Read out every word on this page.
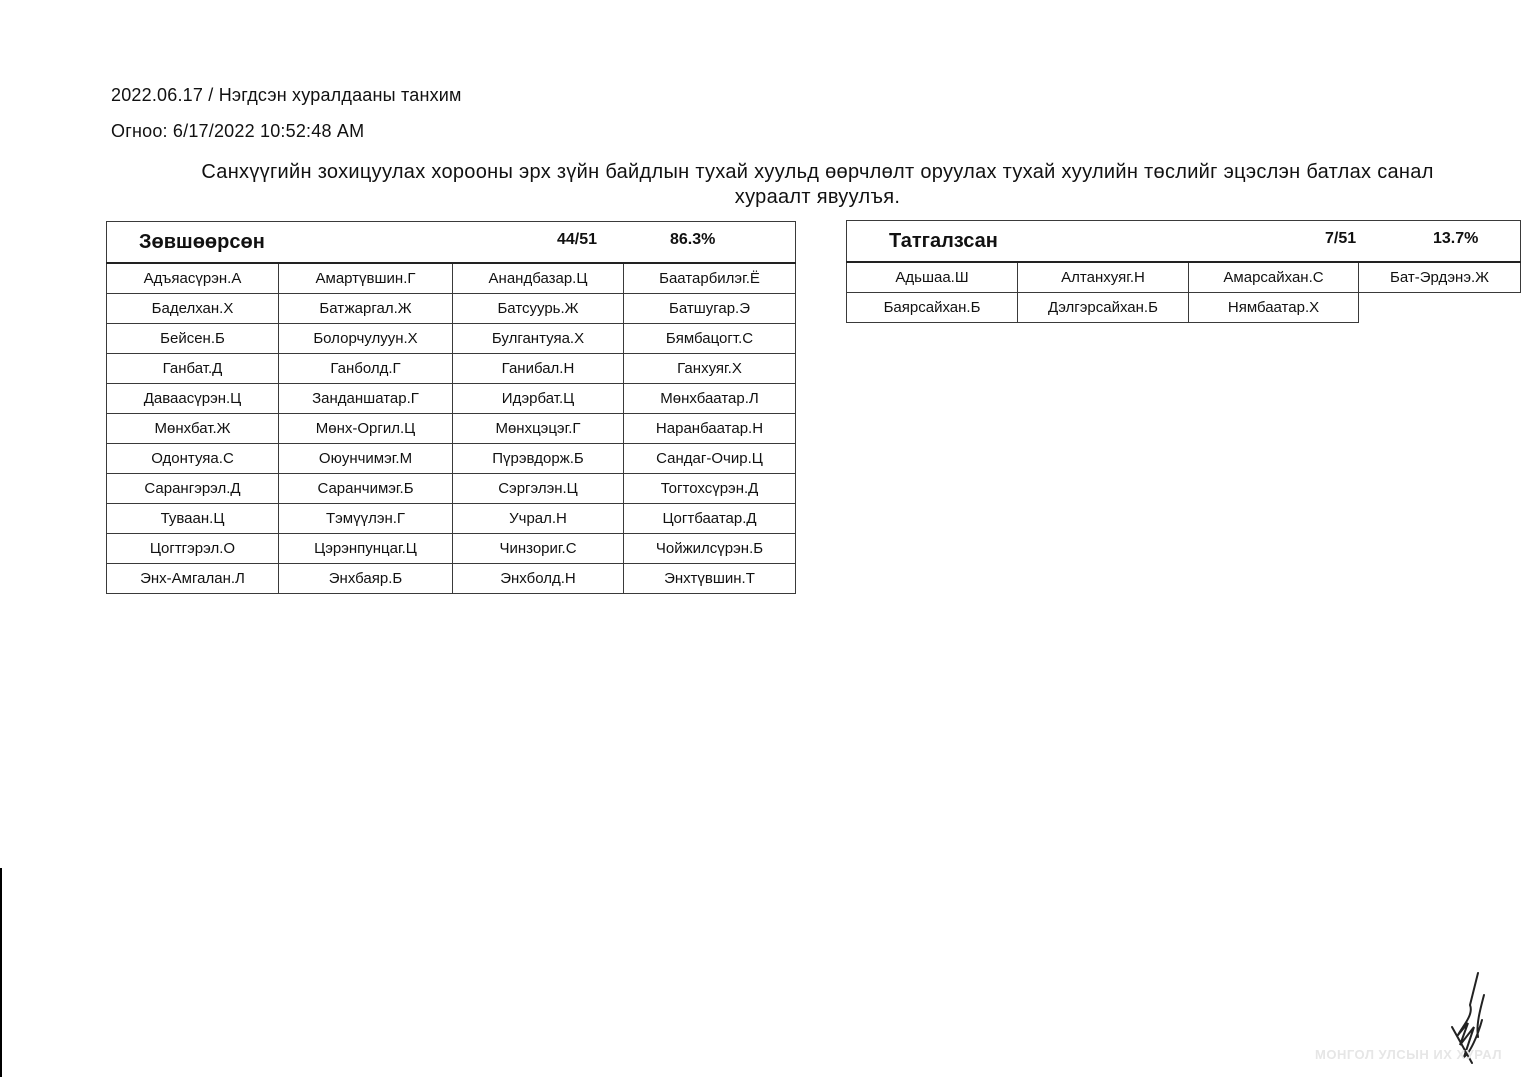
2022.06.17 / Нэгдсэн хуралдааны танхим
Огноо: 6/17/2022 10:52:48 AM
Санхүүгийн зохицуулах хорооны эрх зүйн байдлын тухай хуульд өөрчлөлт оруулах тухай хуулийн төслийг эцэслэн батлах санал
хураалт явуулъя.
Зөвшөөрсөн 44/51 86.3%			

Адъяасүрэн.А	Амартүвшин.Г	Анандбазар.Ц	Баатарбилэг.Ё
Баделхан.Х	Батжаргал.Ж	Батсуурь.Ж	Батшугар.Э
Бейсен.Б	Болорчулуун.Х	Булгантуяа.Х	Бямбацогт.С
Ганбат.Д	Ганболд.Г	Ганибал.Н	Ганхуяг.Х
Даваасүрэн.Ц	Занданшатар.Г	Идэрбат.Ц	Мөнхбаатар.Л
Мөнхбат.Ж	Мөнх-Оргил.Ц	Мөнхцэцэг.Г	Наранбаатар.Н
Одонтуяа.С	Оюунчимэг.М	Пүрэвдорж.Б	Сандаг-Очир.Ц
Сарангэрэл.Д	Саранчимэг.Б	Сэргэлэн.Ц	Тогтохсүрэн.Д
Туваан.Ц	Тэмүүлэн.Г	Учрал.Н	Цогтбаатар.Д
Цогтгэрэл.О	Цэрэнпунцаг.Ц	Чинзориг.С	Чойжилсүрэн.Б
Энх-Амгалан.Л	Энхбаяр.Б	Энхболд.Н	Энхтүвшин.Т
Татгалзсан 7/51 13.7%			

Адьшаа.Ш	Алтанхуяг.Н	Амарсайхан.С	Бат-Эрдэнэ.Ж
Баярсайхан.Б	Дэлгэрсайхан.Б	Нямбаатар.Х	
МОНГОЛ УЛСЫН ИХ ХУРАЛ
